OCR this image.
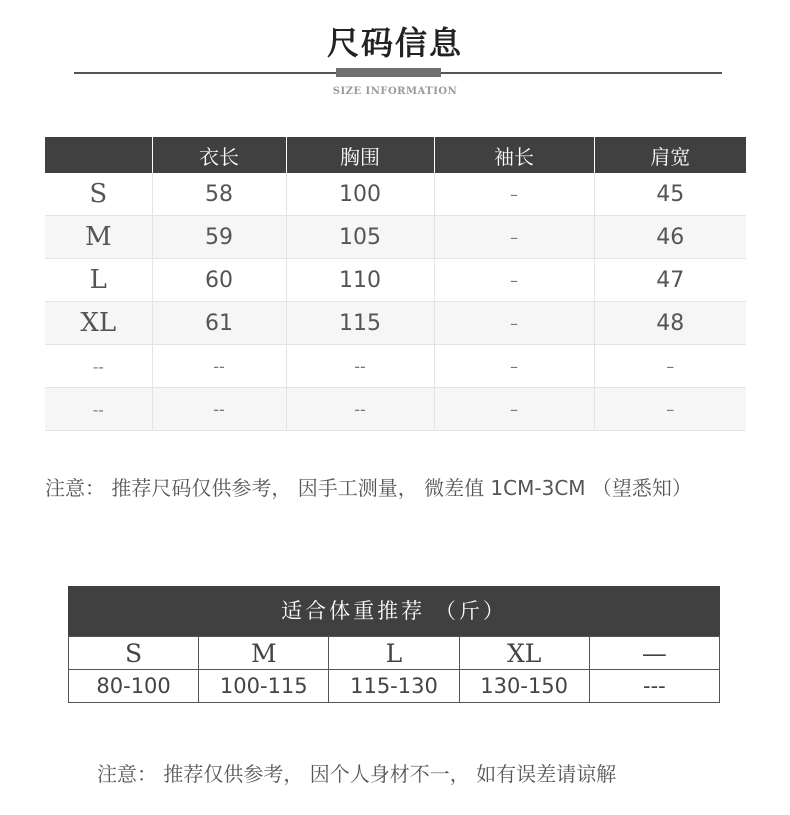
尺码信息
SIZE INFORMATION
	衣长	胸围	袖长	肩宽
S	58	100	–	45
M	59	105	–	46
L	60	110	–	47
XL	61	115	–	48
--	--	--	–	–
--	--	--	–	–
注意： 推荐尺码仅供参考， 因手工测量， 微差值 1CM-3CM （望悉知）
适合体重推荐 （斤）
S	M	L	XL	—
80-100	100-115	115-130	130-150	---
注意： 推荐仅供参考， 因个人身材不一， 如有误差请谅解
